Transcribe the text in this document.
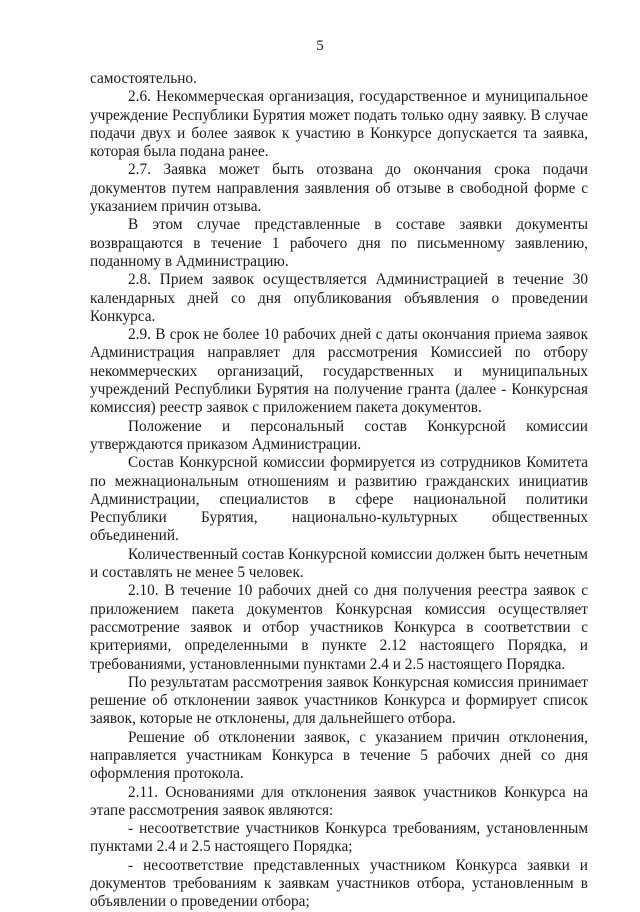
5

самостоятельно.

2.6. Некоммерческая организация, государственное и муниципальное учреждение Республики Бурятия может подать только одну заявку. В случае подачи двух и более заявок к участию в Конкурсе допускается та заявка, которая была подана ранее.

2.7. Заявка может быть отозвана до окончания срока подачи документов путем направления заявления об отзыве в свободной форме с указанием причин отзыва.

В этом случае представленные в составе заявки документы возвращаются в течение 1 рабочего дня по письменному заявлению, поданному в Администрацию.

2.8. Прием заявок осуществляется Администрацией в течение 30 календарных дней со дня опубликования объявления о проведении Конкурса.

2.9. В срок не более 10 рабочих дней с даты окончания приема заявок Администрация направляет для рассмотрения Комиссией по отбору некоммерческих организаций, государственных и муниципальных учреждений Республики Бурятия на получение гранта (далее - Конкурсная комиссия) реестр заявок с приложением пакета документов.

Положение и персональный состав Конкурсной комиссии утверждаются приказом Администрации.

Состав Конкурсной комиссии формируется из сотрудников Комитета по межнациональным отношениям и развитию гражданских инициатив Администрации, специалистов в сфере национальной политики Республики Бурятия, национально-культурных общественных объединений.

Количественный состав Конкурсной комиссии должен быть нечетным и составлять не менее 5 человек.

2.10. В течение 10 рабочих дней со дня получения реестра заявок с приложением пакета документов Конкурсная комиссия осуществляет рассмотрение заявок и отбор участников Конкурса в соответствии с критериями, определенными в пункте 2.12 настоящего Порядка, и требованиями, установленными пунктами 2.4 и 2.5 настоящего Порядка.

По результатам рассмотрения заявок Конкурсная комиссия принимает решение об отклонении заявок участников Конкурса и формирует список заявок, которые не отклонены, для дальнейшего отбора.

Решение об отклонении заявок, с указанием причин отклонения, направляется участникам Конкурса в течение 5 рабочих дней со дня оформления протокола.

2.11. Основаниями для отклонения заявок участников Конкурса на этапе рассмотрения заявок являются:

- несоответствие участников Конкурса требованиям, установленным пунктами 2.4 и 2.5 настоящего Порядка;

- несоответствие представленных участником Конкурса заявки и документов требованиям к заявкам участников отбора, установленным в объявлении о проведении отбора;
